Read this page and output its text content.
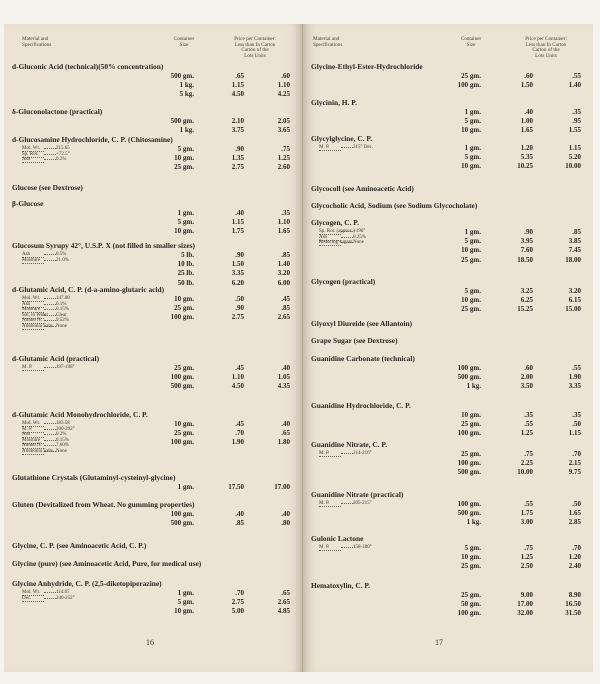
Material and
Specifications
Container
Size
Price per Container:
Less than In Carton
Carton of the
Lots Units
d-Gluconic Acid (technical)(50% concentration)
500 gm.	.65	.60
1 kg.	1.15	1.10
5 kg.	4.50	4.25
δ-Gluconolactone (practical)
500 gm.	2.10	2.05
1 kg.	3.75	3.65
d-Glucosamine Hydrochloride, C. P. (Chitosamine)
Mol. Wt.	215.65
Sp. Rot.	+72.5°
Ash	0.2%
5 gm.	.90	.75
10 gm.	1.35	1.25
25 gm.	2.75	2.60
Glucose (see Dextrose)
β-Glucose
1 gm.	.40	.35
5 gm.	1.15	1.10
10 gm.	1.75	1.65
Glucosum Syrupy 42°, U.S.P. X (not filled in smaller sizes)
Ash	0.5%
Moisture	21.0%
5 lb.	.90	.85
10 lb.	1.50	1.40
25 lb.	3.35	3.20
50 lb.	6.20	6.00
d-Glutamic Acid, C. P. (d-a-amino-glutaric acid)
Mol. Wt.	147.08
Ash	0.1%
Moisture	0.15%
Sol. in Water Clear
Amino N.	9.52%
Ammonia Salts None
10 gm.	.50	.45
25 gm.	.90	.85
100 gm.	2.75	2.65
d-Glutamic Acid (practical)
M. P.	197-198°	25 gm.	.45	.40
100 gm.	1.10	1.05
500 gm.	4.50	4.35
d-Glutamic Acid Monohydrochloride, C. P.
Mol. Wt.	183.58
M. P.	200-202°
Ash	0.2%
Moisture	0.15%
Amino N.	7.60%
Ammonia Salts None
10 gm.	.45	.40
25 gm.	.70	.65
100 gm.	1.90	1.80
Glutathione Crystals (Glutaminyl-cysteinyl-glycine)
1 gm.	17.50	17.00
Gluten (Devitalized from Wheat. No gumming properties)
100 gm.	.40	.40
500 gm.	.85	.80
Glycine, C. P. (see Aminoacetic Acid, C. P.)
Glycine (pure) (see Aminoacetic Acid, Pure, for medical use)
Glycine Anhydride, C. P. (2,5-diketopiperazine)
Mol. Wt.	114.07
Dec.	240-252°
1 gm.	.70	.65
5 gm.	2.75	2.65
10 gm.	5.00	4.85
16
Material and
Specifications
Container
Size
Price per Container:
Less than In Carton
Carton of the
Lots Units
Glycine-Ethyl-Ester-Hydrochloride
25 gm.	.60	.55
100 gm.	1.50	1.40
Glycinin, H. P.
1 gm.	.40	.35
5 gm.	1.00	.95
10 gm.	1.65	1.55
Glycylglycine, C. P.
M. P.	215° Dec.	1 gm.	1.20	1.15
5 gm.	5.35	5.20
10 gm.	10.25	10.00
Glycocoll (see Aminoacetic Acid)
Glycocholic Acid, Sodium (see Sodium Glycocholate)
Glycogen, C. P.
Sp. Rot. (approx.)+196°
Ash	0.25%
Reducing sugarsNone
1 gm.	.90	.85
5 gm.	3.95	3.85
10 gm.	7.60	7.45
25 gm.	18.50	18.00
Glycogen (practical)
5 gm.	3.25	3.20
10 gm.	6.25	6.15
25 gm.	15.25	15.00
Glyoxyl Diureide (see Allantoin)
Grape Sugar (see Dextrose)
Guanidine Carbonate (technical)
100 gm.	.60	.55
500 gm.	2.00	1.90
1 kg.	3.50	3.35
Guanidine Hydrochloride, C. P.
10 gm.	.35	.35
25 gm.	.55	.50
100 gm.	1.25	1.15
Guanidine Nitrate, C. P.
M. P.	214-216°	25 gm.	.75	.70
100 gm.	2.25	2.15
500 gm.	10.00	9.75
Guanidine Nitrate (practical)
M. P.	205-215°	100 gm.	.55	.50
500 gm.	1.75	1.65
1 kg.	3.00	2.85
Gulonic Lactone
M. P.	158-180°	5 gm.	.75	.70
10 gm.	1.25	1.20
25 gm.	2.50	2.40
Hematoxylin, C. P.
25 gm.	9.00	8.90
50 gm.	17.00	16.50
100 gm.	32.00	31.50
17
